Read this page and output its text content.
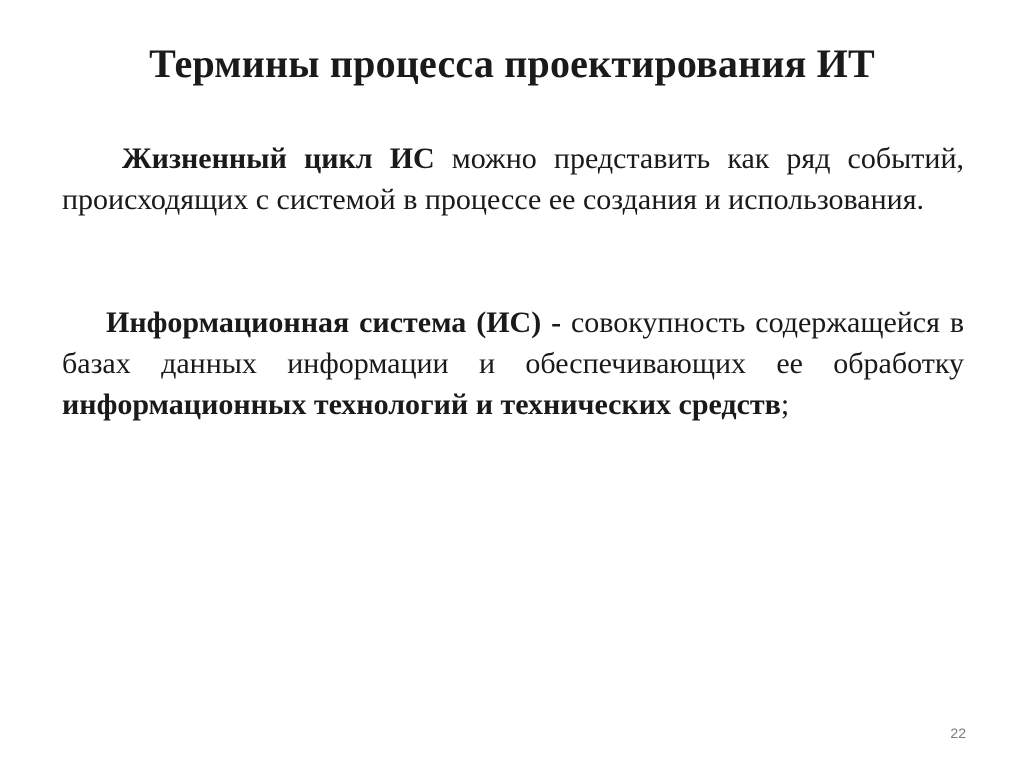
Термины процесса проектирования ИТ

Жизненный цикл ИС можно представить как ряд событий, происходящих с системой в процессе ее создания и использования.

Информационная система (ИС) - совокупность содержащейся в базах данных информации и обеспечивающих ее обработку информационных технологий и технических средств;

22
